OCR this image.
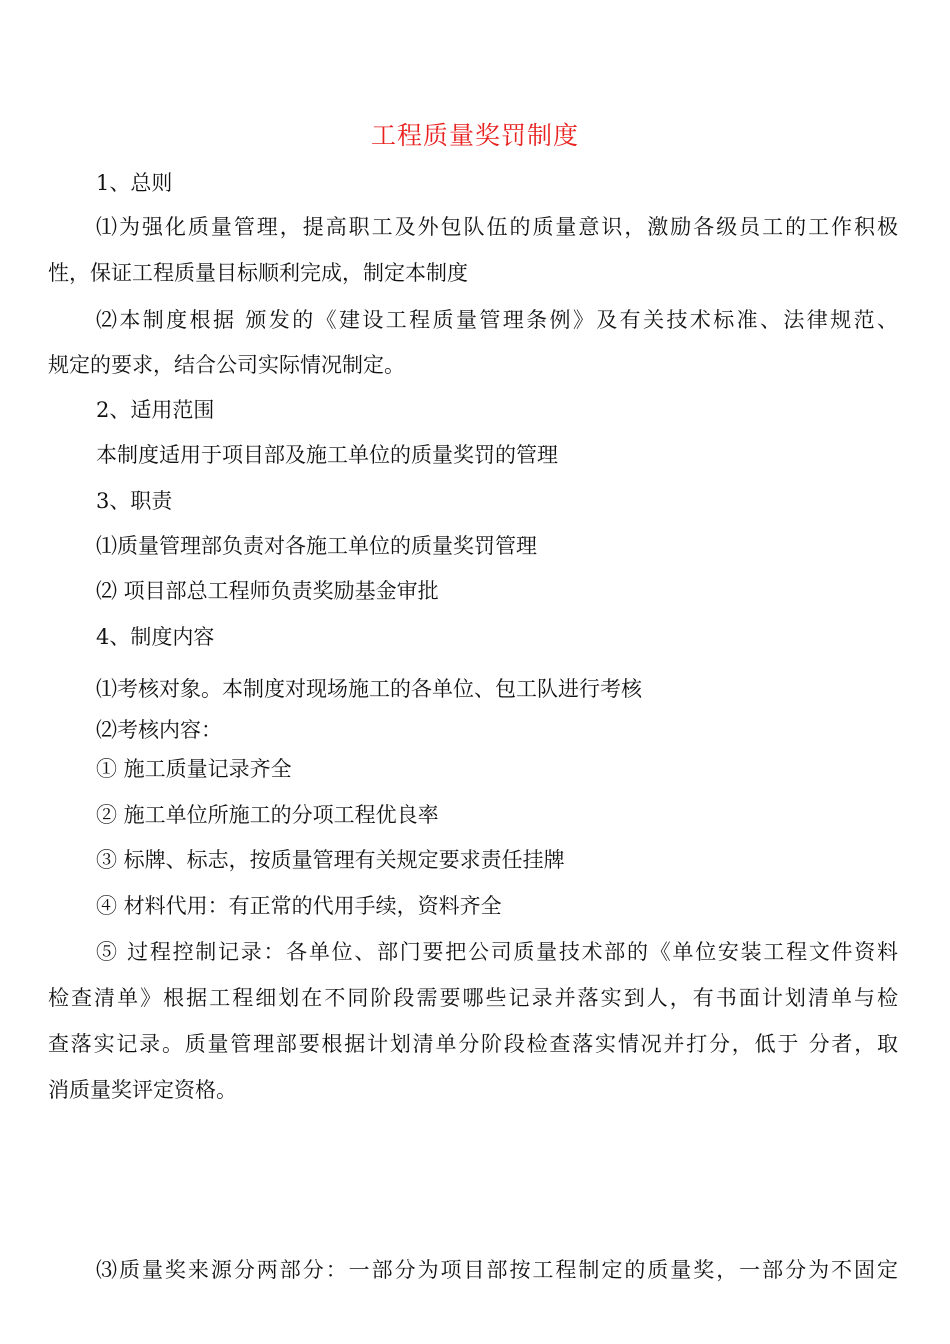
工程质量奖罚制度
1、总则
⑴为强化质量管理，提高职工及外包队伍的质量意识，激励各级员工的工作积极
性，保证工程质量目标顺利完成，制定本制度
⑵本制度根据 颁发的《建设工程质量管理条例》及有关技术标准、法律规范、
规定的要求，结合公司实际情况制定。
2、适用范围
本制度适用于项目部及施工单位的质量奖罚的管理
3、职责
⑴质量管理部负责对各施工单位的质量奖罚管理
⑵ 项目部总工程师负责奖励基金审批
4、制度内容
⑴考核对象。本制度对现场施工的各单位、包工队进行考核
⑵考核内容：
① 施工质量记录齐全
② 施工单位所施工的分项工程优良率
③ 标牌、标志，按质量管理有关规定要求责任挂牌
④ 材料代用：有正常的代用手续，资料齐全
⑤ 过程控制记录：各单位、部门要把公司质量技术部的《单位安装工程文件资料
检查清单》根据工程细划在不同阶段需要哪些记录并落实到人，有书面计划清单与检
查落实记录。质量管理部要根据计划清单分阶段检查落实情况并打分，低于 分者，取
消质量奖评定资格。
⑶质量奖来源分两部分：一部分为项目部按工程制定的质量奖，一部分为不固定
